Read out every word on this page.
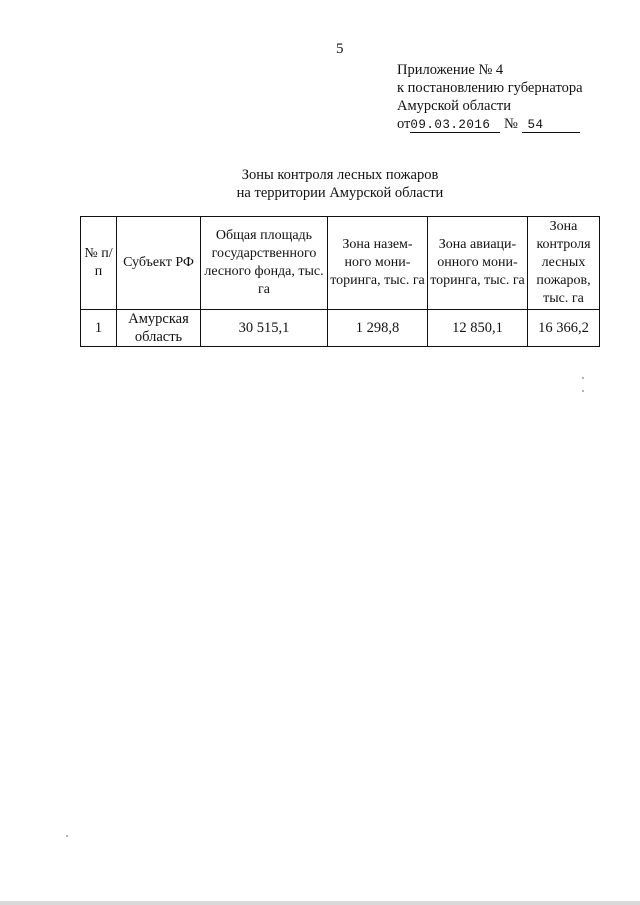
5
Приложение № 4
к постановлению губернатора
Амурской области
от09.03.2016 № 54
Зоны контроля лесных пожаров
на территории Амурской области
№ п/п	Субъект РФ	Общая площадь государственного лесного фонда, тыс. га	Зона назем-ного мони-торинга, тыс. га	Зона авиаци-онного мони-торинга, тыс. га	Зона контроля лесных пожаров, тыс. га
1	Амурская область	30 515,1	1 298,8	12 850,1	16 366,2
